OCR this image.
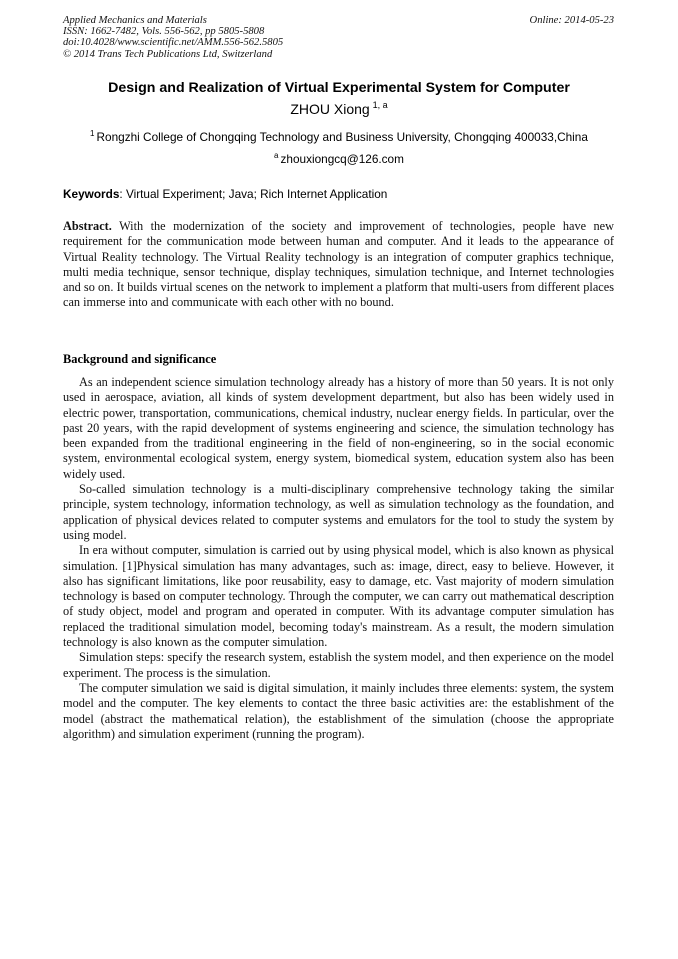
Applied Mechanics and Materials
ISSN: 1662-7482, Vols. 556-562, pp 5805-5808
doi:10.4028/www.scientific.net/AMM.556-562.5805
© 2014 Trans Tech Publications Ltd, Switzerland
Online: 2014-05-23
Design and Realization of Virtual Experimental System for Computer
ZHOU Xiong $^{1, a}$
$^1$ Rongzhi College of Chongqing Technology and Business University, Chongqing 400033,China
$^a$ zhouxiongcq@126.com
Keywords: Virtual Experiment; Java; Rich Internet Application
Abstract. With the modernization of the society and improvement of technologies, people have new requirement for the communication mode between human and computer. And it leads to the appearance of Virtual Reality technology. The Virtual Reality technology is an integration of computer graphics technique, multi media technique, sensor technique, display techniques, simulation technique, and Internet technologies and so on. It builds virtual scenes on the network to implement a platform that multi-users from different places can immerse into and communicate with each other with no bound.
Background and significance

As an independent science simulation technology already has a history of more than 50 years. It is not only used in aerospace, aviation, all kinds of system development department, but also has been widely used in electric power, transportation, communications, chemical industry, nuclear energy fields. In particular, over the past 20 years, with the rapid development of systems engineering and science, the simulation technology has been expanded from the traditional engineering in the field of non-engineering, so in the social economic system, environmental ecological system, energy system, biomedical system, education system also has been widely used.

So-called simulation technology is a multi-disciplinary comprehensive technology taking the similar principle, system technology, information technology, as well as simulation technology as the foundation, and application of physical devices related to computer systems and emulators for the tool to study the system by using model.

In era without computer, simulation is carried out by using physical model, which is also known as physical simulation. [1]Physical simulation has many advantages, such as: image, direct, easy to believe. However, it also has significant limitations, like poor reusability, easy to damage, etc. Vast majority of modern simulation technology is based on computer technology. Through the computer, we can carry out mathematical description of study object, model and program and operated in computer. With its advantage computer simulation has replaced the traditional simulation model, becoming today's mainstream. As a result, the modern simulation technology is also known as the computer simulation.

Simulation steps: specify the research system, establish the system model, and then experience on the model experiment. The process is the simulation.

The computer simulation we said is digital simulation, it mainly includes three elements: system, the system model and the computer. The key elements to contact the three basic activities are: the establishment of the model (abstract the mathematical relation), the establishment of the simulation (choose the appropriate algorithm) and simulation experiment (running the program).
